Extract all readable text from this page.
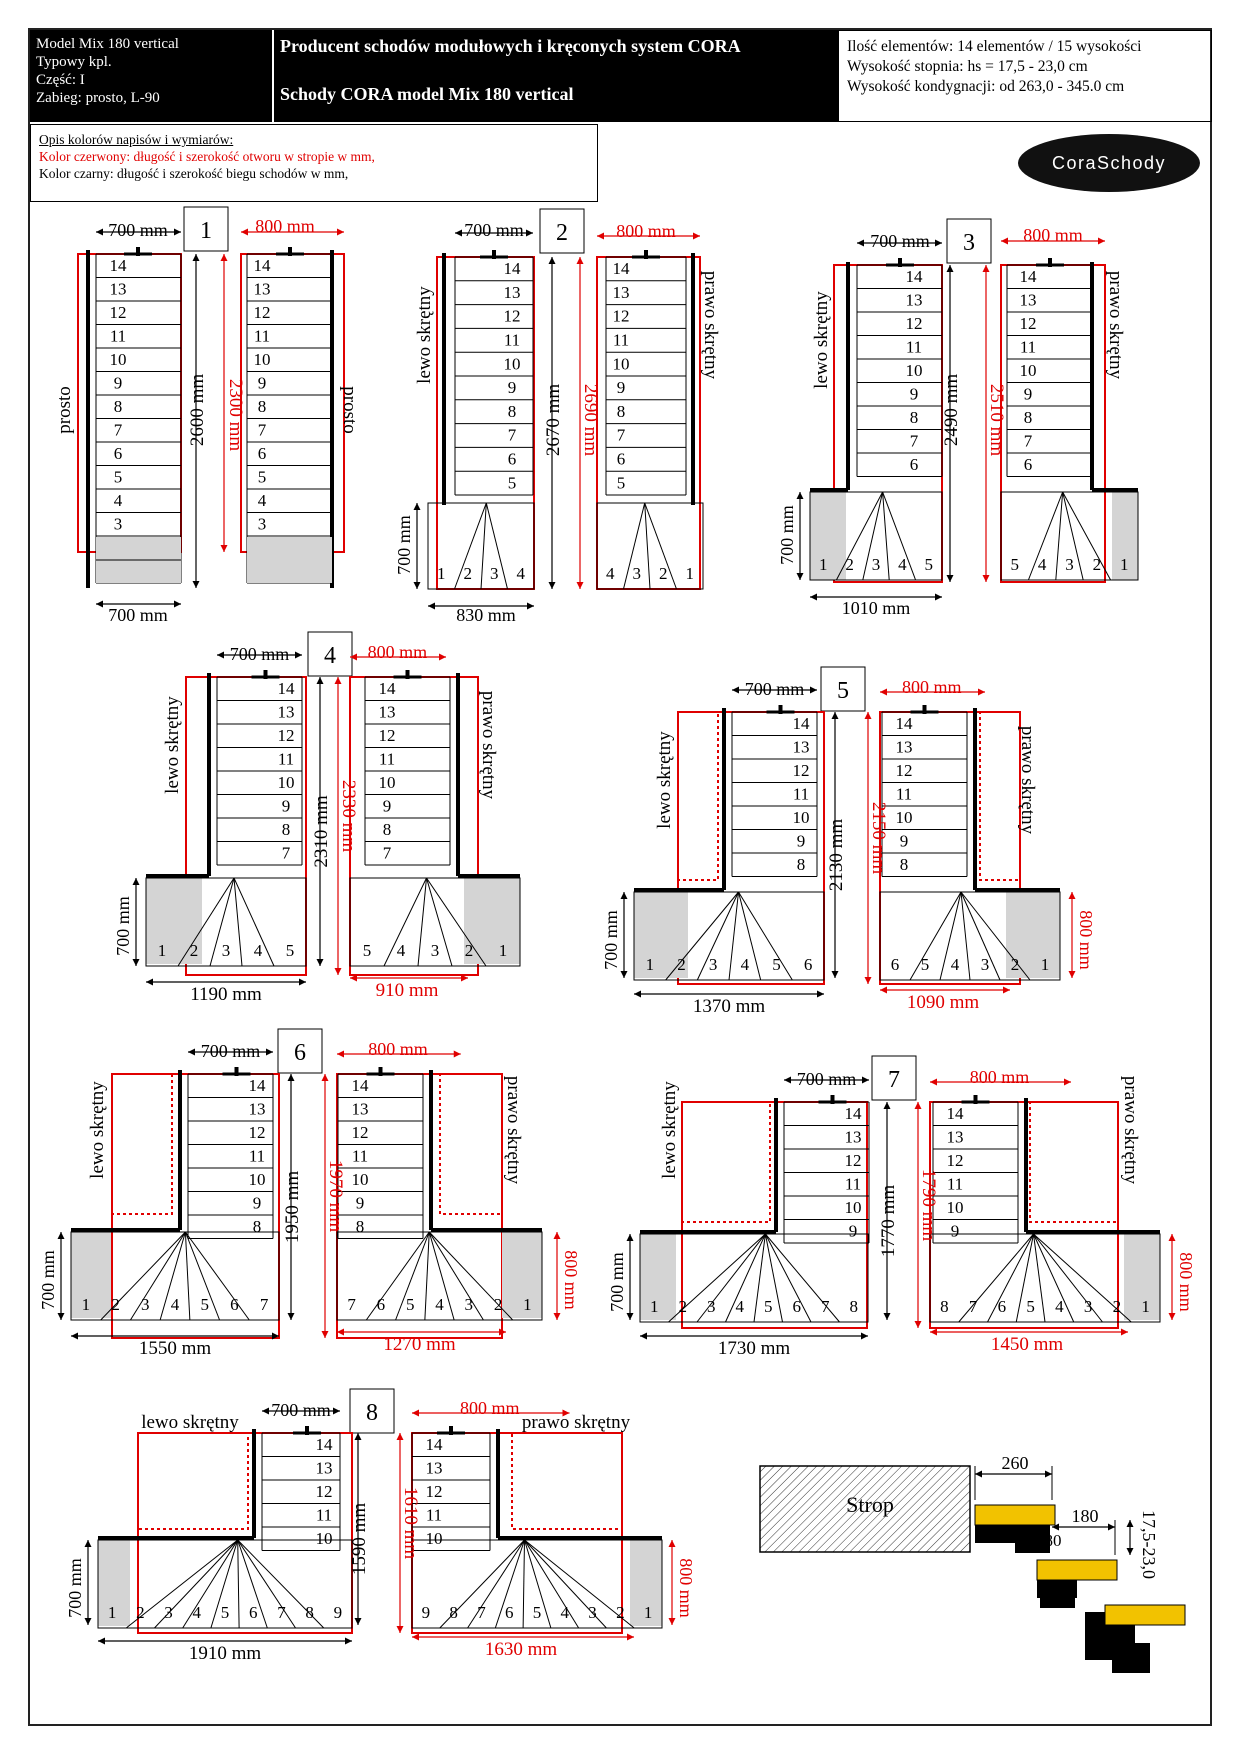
Model Mix 180 vertical
Typowy kpl.
Część: I
Zabieg: prosto, L-90
Producent schodów modułowych i kręconych system CORA
Schody CORA model Mix 180 vertical
Ilość elementów: 14 elementów / 15 wysokości
Wysokość stopnia: hs = 17,5 - 23,0 cm
Wysokość kondygnacji: od 263,0 - 345.0 cm
Opis kolorów napisów i wymiarów:
Kolor czerwony: długość i szerokość otworu w stropie w mm,
Kolor czarny: długość i szerokość biegu schodów w mm,
CoraSchody
1
14
13
12
11
10
9
8
7
6
5
4
3
700 mm
2600 mm
700 mm
prosto
14
13
12
11
10
9
8
7
6
5
4
3
800 mm
2300 mm	prosto
2
14
13
12
11
10
9
8
7
6
5
1 2 3 4
700 mm
2670 mm
700 mm
830 mm
lewo skrętny
14
13
12
11
10
9
8
7
6
5
1
2
3
4
800 mm
2690 mm
prawo skrętny
3
14
13
12
11
10
9
8
7
6
1 2 3 4 5
700 mm
2490 mm
700 mm
1010 mm
lewo skrętny
14
13
12
11
10
9
8
7
6
1
2
3
4
5
800 mm
2510 mm
prawo skrętny
4
14
13
12
11
10
9
8
7
1 2 3 4 5
700 mm
2310 mm
700 mm
1190 mm
lewo skrętny
14
13
12
11
10
9
8
7
1
2
3
4
5
800 mm
2330 mm
910 mm
prawo skrętny	5
14
13
12
11
10
9
8
1 2 3 4 5 6
700 mm
2130 mm
700 mm
1370 mm
lewo skrętny
14
13
12
11
10
9
8
1
2
3
4
5
6
800 mm
2150 mm
1090 mm
800 mm
prawo skrętny
6
14
13
12
11
10
9
8
1 2 3 4 5 6 7
700 mm
1950 mm
700 mm
1550 mm
lewo skrętny	14
13
12
11
10
9
8
1
2
3
4
5
6
7
800 mm
1970 mm
1270 mm
800 mm
prawo skrętny	7
14
13
12
11
10
9
1 2 3 4 5 6 7 8
700 mm
1770 mm
700 mm
1730 mm
lewo skrętny	14
13
12
11
10
9
1
2
3
4
5
6
7
8
800 mm
1790 mm
1450 mm
800 mm
prawo skrętny
8
14
13
12
11
10
1 2 3 4 5 6 7 8 9
700 mm
1590 mm
700 mm
1910 mm
lewo skrętny
14
13
12
11
10
1
2
3
4
5
6
7
8
9
800 mm
1610 mm
1630 mm
800 mm
prawo skrętny
Strop
260
180
80	17,5-23,0
